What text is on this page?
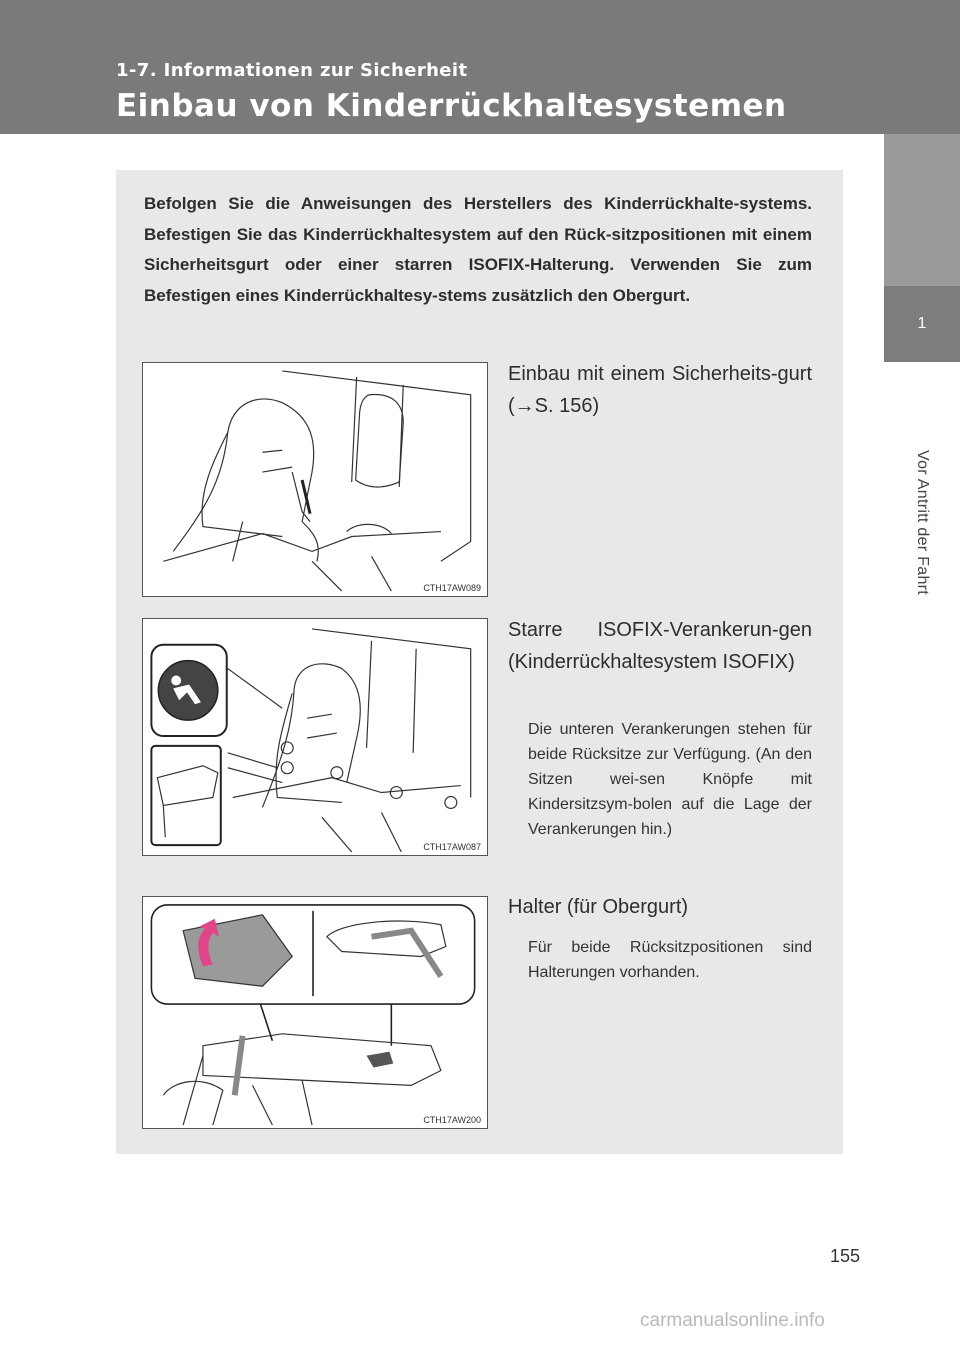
1-7. Informationen zur Sicherheit
Einbau von Kinderrückhaltesystemen
1
Vor Antritt der Fahrt
Befolgen Sie die Anweisungen des Herstellers des Kinderrückhalte-systems. Befestigen Sie das Kinderrückhaltesystem auf den Rück-sitzpositionen mit einem Sicherheitsgurt oder einer starren ISOFIX-Halterung. Verwenden Sie zum Befestigen eines Kinderrückhaltesy-stems zusätzlich den Obergurt.
CTH17AW089
Einbau mit einem Sicherheits-gurt (→S. 156)
CTH17AW087
Starre ISOFIX-Verankerun-gen (Kinderrückhaltesystem ISOFIX)
Die unteren Verankerungen stehen für beide Rücksitze zur Verfügung. (An den Sitzen wei-sen Knöpfe mit Kindersitzsym-bolen auf die Lage der Verankerungen hin.)
CTH17AW200
Halter (für Obergurt)
Für beide Rücksitzpositionen sind Halterungen vorhanden.
155
carmanualsonline.info
